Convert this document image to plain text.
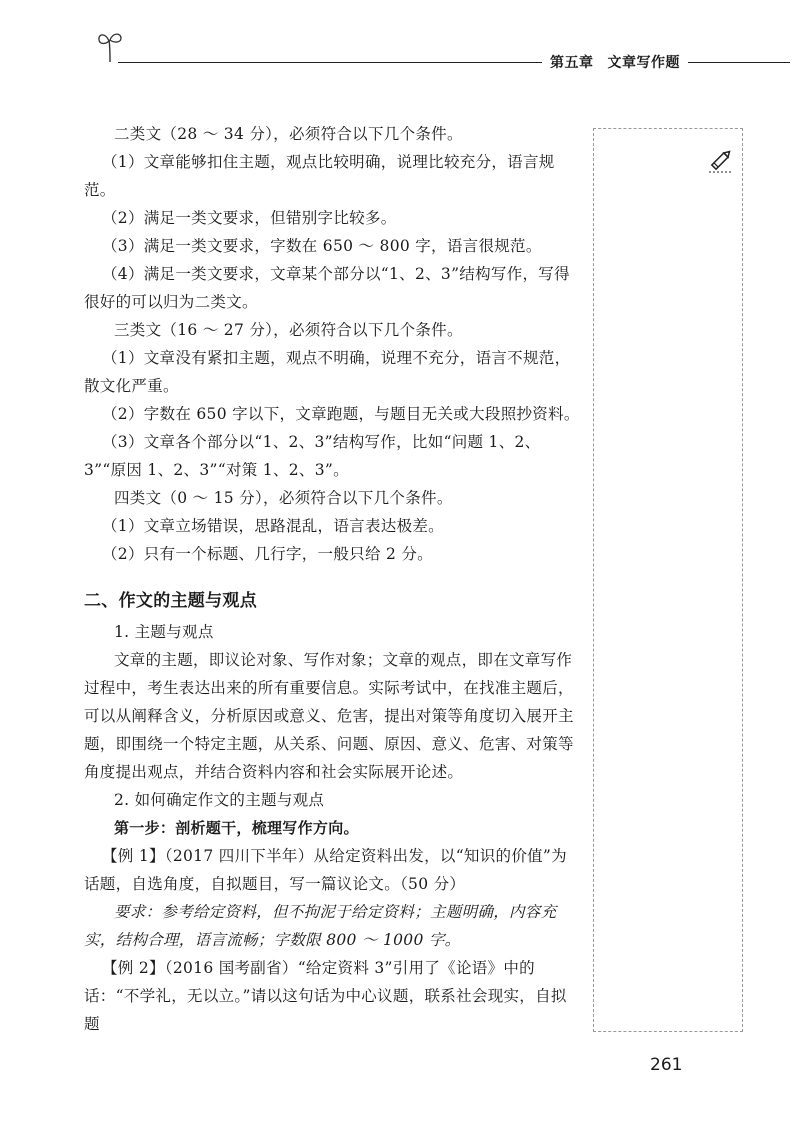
第五章 文章写作题

二类文（28 ～ 34 分），必须符合以下几个条件。

（1）文章能够扣住主题，观点比较明确，说理比较充分，语言规范。

（2）满足一类文要求，但错别字比较多。

（3）满足一类文要求，字数在 650 ～ 800 字，语言很规范。

（4）满足一类文要求，文章某个部分以“1、2、3”结构写作，写得很好的可以归为二类文。

三类文（16 ～ 27 分），必须符合以下几个条件。

（1）文章没有紧扣主题，观点不明确，说理不充分，语言不规范，散文化严重。

（2）字数在 650 字以下，文章跑题，与题目无关或大段照抄资料。

（3）文章各个部分以“1、2、3”结构写作，比如“问题 1、2、3”“原因 1、2、3”“对策 1、2、3”。

四类文（0 ～ 15 分），必须符合以下几个条件。

（1）文章立场错误，思路混乱，语言表达极差。

（2）只有一个标题、几行字，一般只给 2 分。

二、作文的主题与观点

1. 主题与观点

文章的主题，即议论对象、写作对象；文章的观点，即在文章写作过程中，考生表达出来的所有重要信息。实际考试中，在找准主题后，可以从阐释含义，分析原因或意义、危害，提出对策等角度切入展开主题，即围绕一个特定主题，从关系、问题、原因、意义、危害、对策等角度提出观点，并结合资料内容和社会实际展开论述。

2. 如何确定作文的主题与观点

第一步：剖析题干，梳理写作方向。

【例 1】（2017 四川下半年）从给定资料出发，以“知识的价值”为话题，自选角度，自拟题目，写一篇议论文。（50 分）

要求：参考给定资料，但不拘泥于给定资料；主题明确，内容充实，结构合理，语言流畅；字数限 800 ～ 1000 字。

【例 2】（2016 国考副省）“给定资料 3”引用了《论语》中的话：“不学礼，无以立。”请以这句话为中心议题，联系社会现实，自拟题

261
